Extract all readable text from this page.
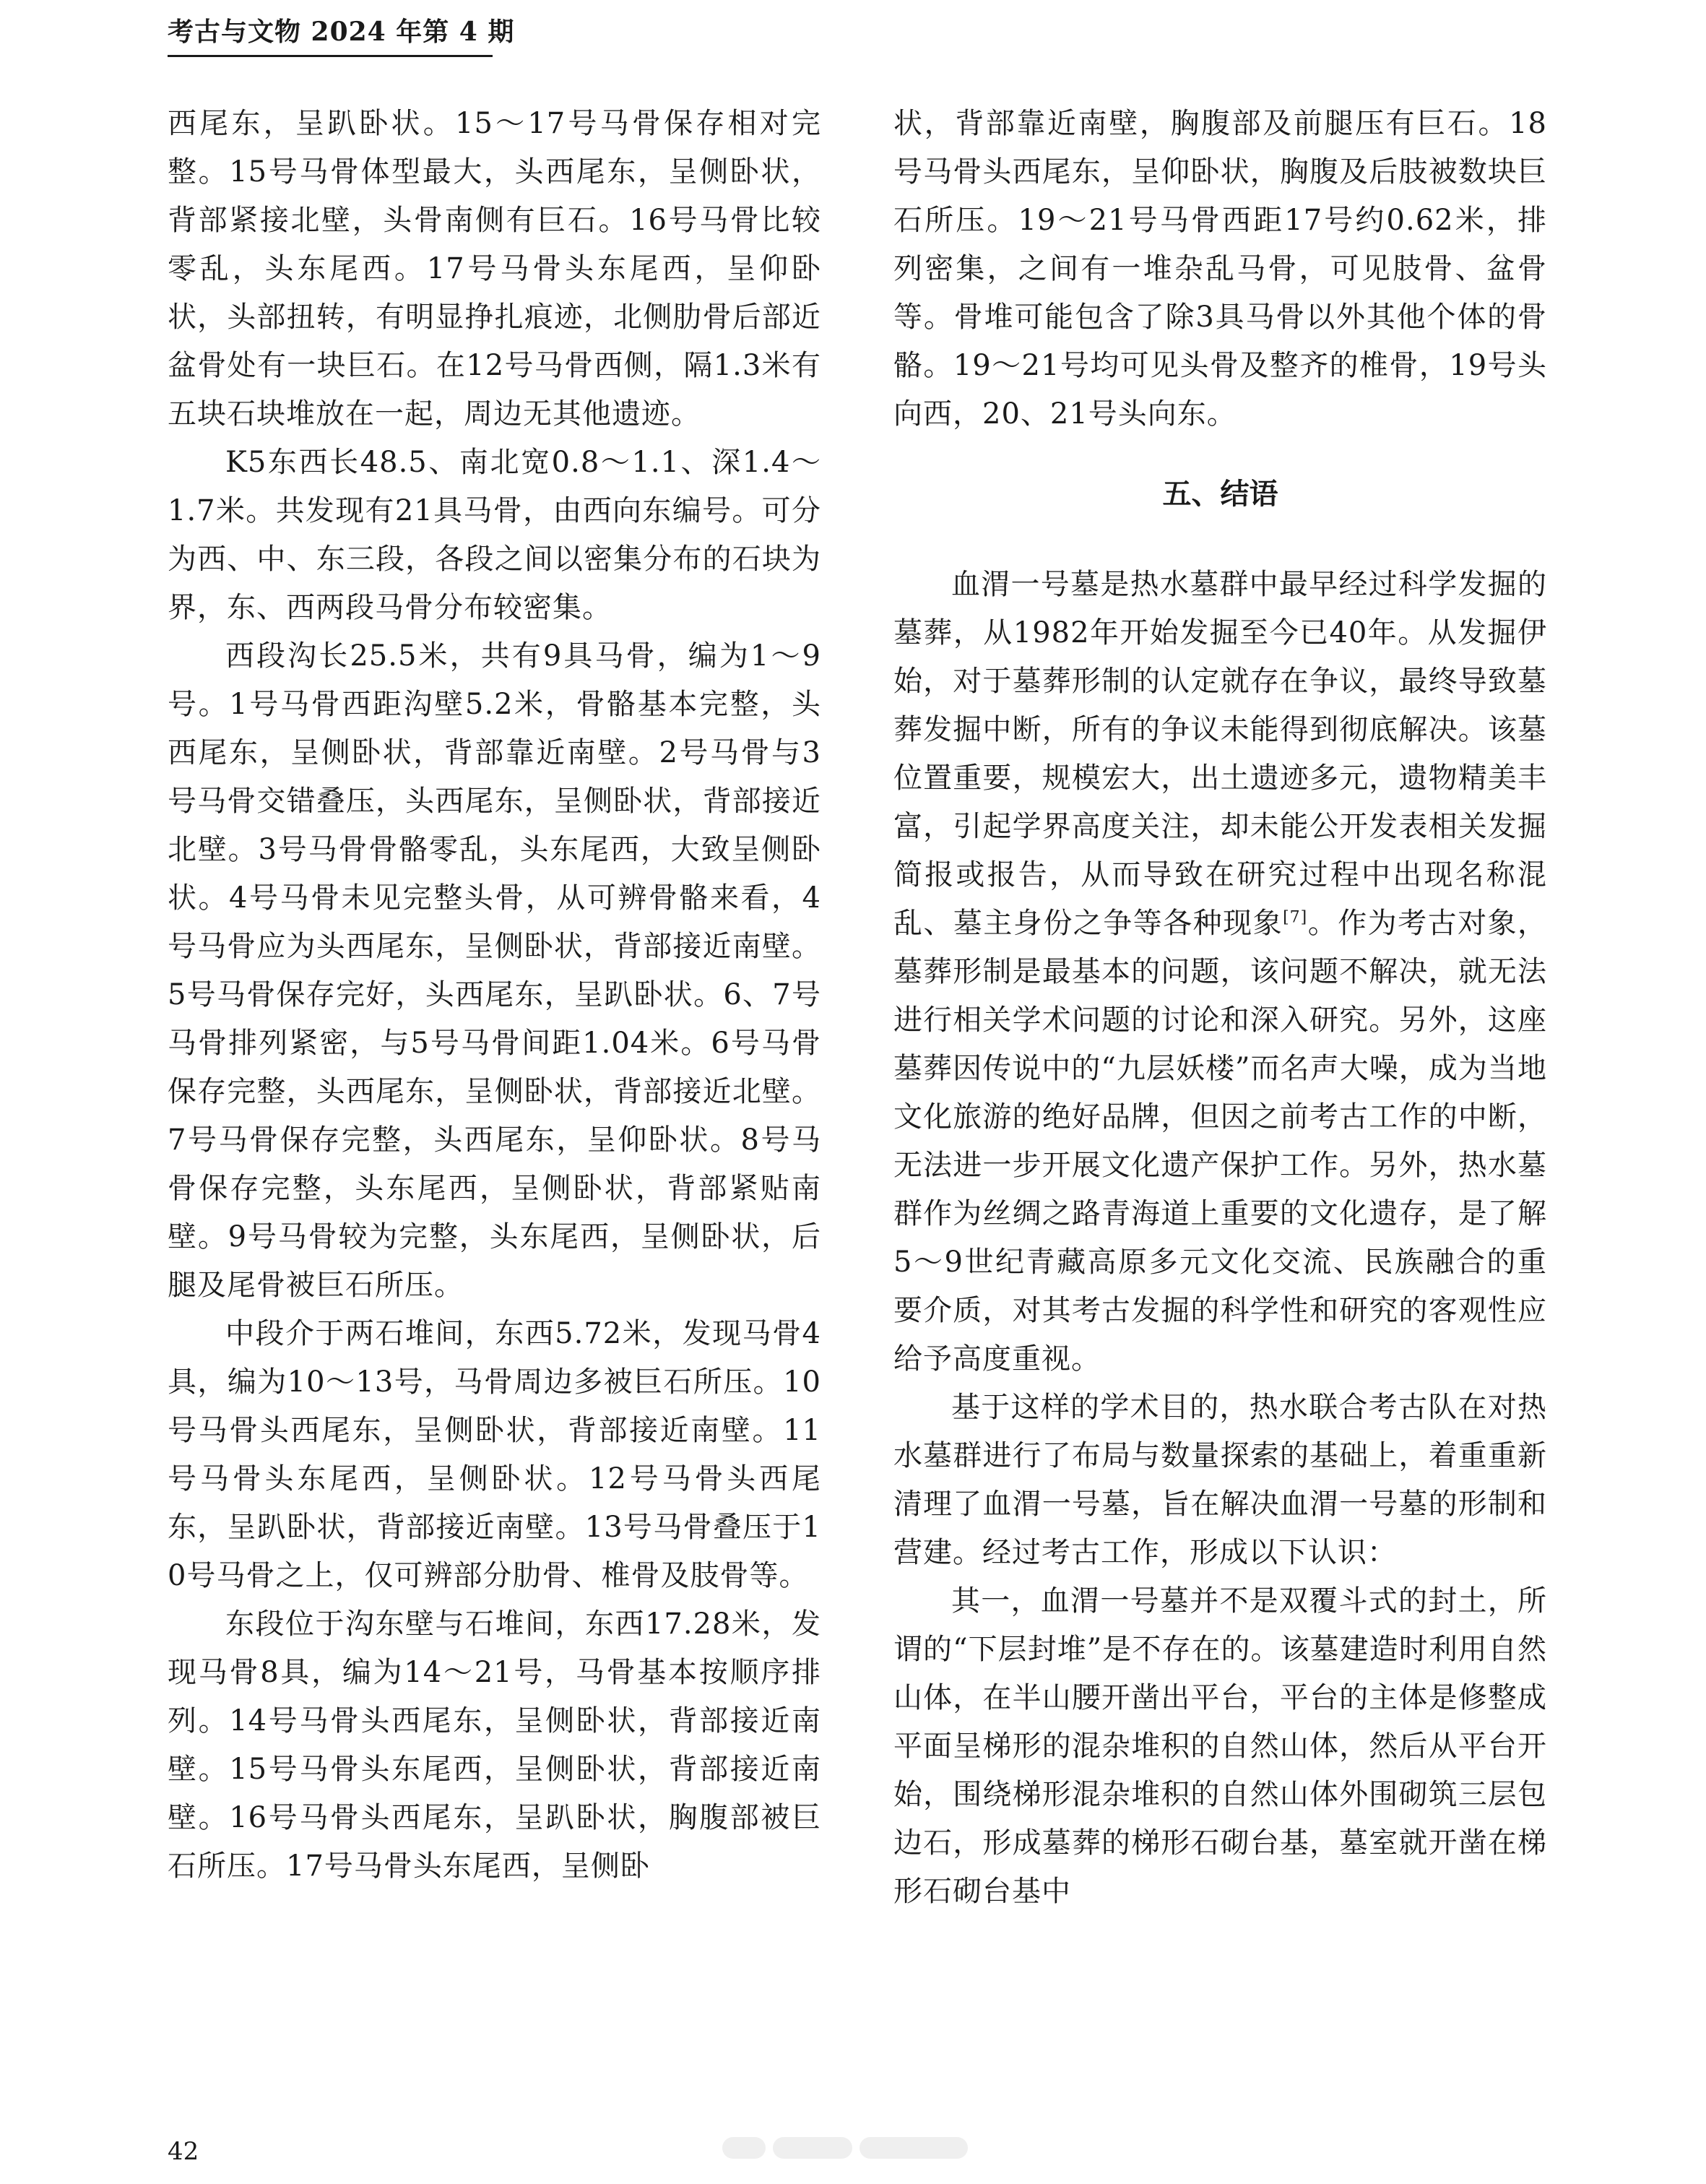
考古与文物 2024 年第 4 期

西尾东，呈趴卧状。15～17号马骨保存相对完整。15号马骨体型最大，头西尾东，呈侧卧状，背部紧接北壁，头骨南侧有巨石。16号马骨比较零乱，头东尾西。17号马骨头东尾西，呈仰卧状，头部扭转，有明显挣扎痕迹，北侧肋骨后部近盆骨处有一块巨石。在12号马骨西侧，隔1.3米有五块石块堆放在一起，周边无其他遗迹。

K5东西长48.5、南北宽0.8～1.1、深1.4～1.7米。共发现有21具马骨，由西向东编号。可分为西、中、东三段，各段之间以密集分布的石块为界，东、西两段马骨分布较密集。

西段沟长25.5米，共有9具马骨，编为1～9号。1号马骨西距沟壁5.2米，骨骼基本完整，头西尾东，呈侧卧状，背部靠近南壁。2号马骨与3号马骨交错叠压，头西尾东，呈侧卧状，背部接近北壁。3号马骨骨骼零乱，头东尾西，大致呈侧卧状。4号马骨未见完整头骨，从可辨骨骼来看，4号马骨应为头西尾东，呈侧卧状，背部接近南壁。5号马骨保存完好，头西尾东，呈趴卧状。6、7号马骨排列紧密，与5号马骨间距1.04米。6号马骨保存完整，头西尾东，呈侧卧状，背部接近北壁。7号马骨保存完整，头西尾东，呈仰卧状。8号马骨保存完整，头东尾西，呈侧卧状，背部紧贴南壁。9号马骨较为完整，头东尾西，呈侧卧状，后腿及尾骨被巨石所压。

中段介于两石堆间，东西5.72米，发现马骨4具，编为10～13号，马骨周边多被巨石所压。10号马骨头西尾东，呈侧卧状，背部接近南壁。11号马骨头东尾西，呈侧卧状。12号马骨头西尾东，呈趴卧状，背部接近南壁。13号马骨叠压于10号马骨之上，仅可辨部分肋骨、椎骨及肢骨等。

东段位于沟东壁与石堆间，东西17.28米，发现马骨8具，编为14～21号，马骨基本按顺序排列。14号马骨头西尾东，呈侧卧状，背部接近南壁。15号马骨头东尾西，呈侧卧状，背部接近南壁。16号马骨头西尾东，呈趴卧状，胸腹部被巨石所压。17号马骨头东尾西，呈侧卧

状，背部靠近南壁，胸腹部及前腿压有巨石。18号马骨头西尾东，呈仰卧状，胸腹及后肢被数块巨石所压。19～21号马骨西距17号约0.62米，排列密集，之间有一堆杂乱马骨，可见肢骨、盆骨等。骨堆可能包含了除3具马骨以外其他个体的骨骼。19～21号均可见头骨及整齐的椎骨，19号头向西，20、21号头向东。

五、结语

血渭一号墓是热水墓群中最早经过科学发掘的墓葬，从1982年开始发掘至今已40年。从发掘伊始，对于墓葬形制的认定就存在争议，最终导致墓葬发掘中断，所有的争议未能得到彻底解决。该墓位置重要，规模宏大，出土遗迹多元，遗物精美丰富，引起学界高度关注，却未能公开发表相关发掘简报或报告，从而导致在研究过程中出现名称混乱、墓主身份之争等各种现象[7]。作为考古对象，墓葬形制是最基本的问题，该问题不解决，就无法进行相关学术问题的讨论和深入研究。另外，这座墓葬因传说中的“九层妖楼”而名声大噪，成为当地文化旅游的绝好品牌，但因之前考古工作的中断，无法进一步开展文化遗产保护工作。另外，热水墓群作为丝绸之路青海道上重要的文化遗存，是了解5～9世纪青藏高原多元文化交流、民族融合的重要介质，对其考古发掘的科学性和研究的客观性应给予高度重视。

基于这样的学术目的，热水联合考古队在对热水墓群进行了布局与数量探索的基础上，着重重新清理了血渭一号墓，旨在解决血渭一号墓的形制和营建。经过考古工作，形成以下认识：

其一，血渭一号墓并不是双覆斗式的封土，所谓的“下层封堆”是不存在的。该墓建造时利用自然山体，在半山腰开凿出平台，平台的主体是修整成平面呈梯形的混杂堆积的自然山体，然后从平台开始，围绕梯形混杂堆积的自然山体外围砌筑三层包边石，形成墓葬的梯形石砌台基，墓室就开凿在梯形石砌台基中

42
